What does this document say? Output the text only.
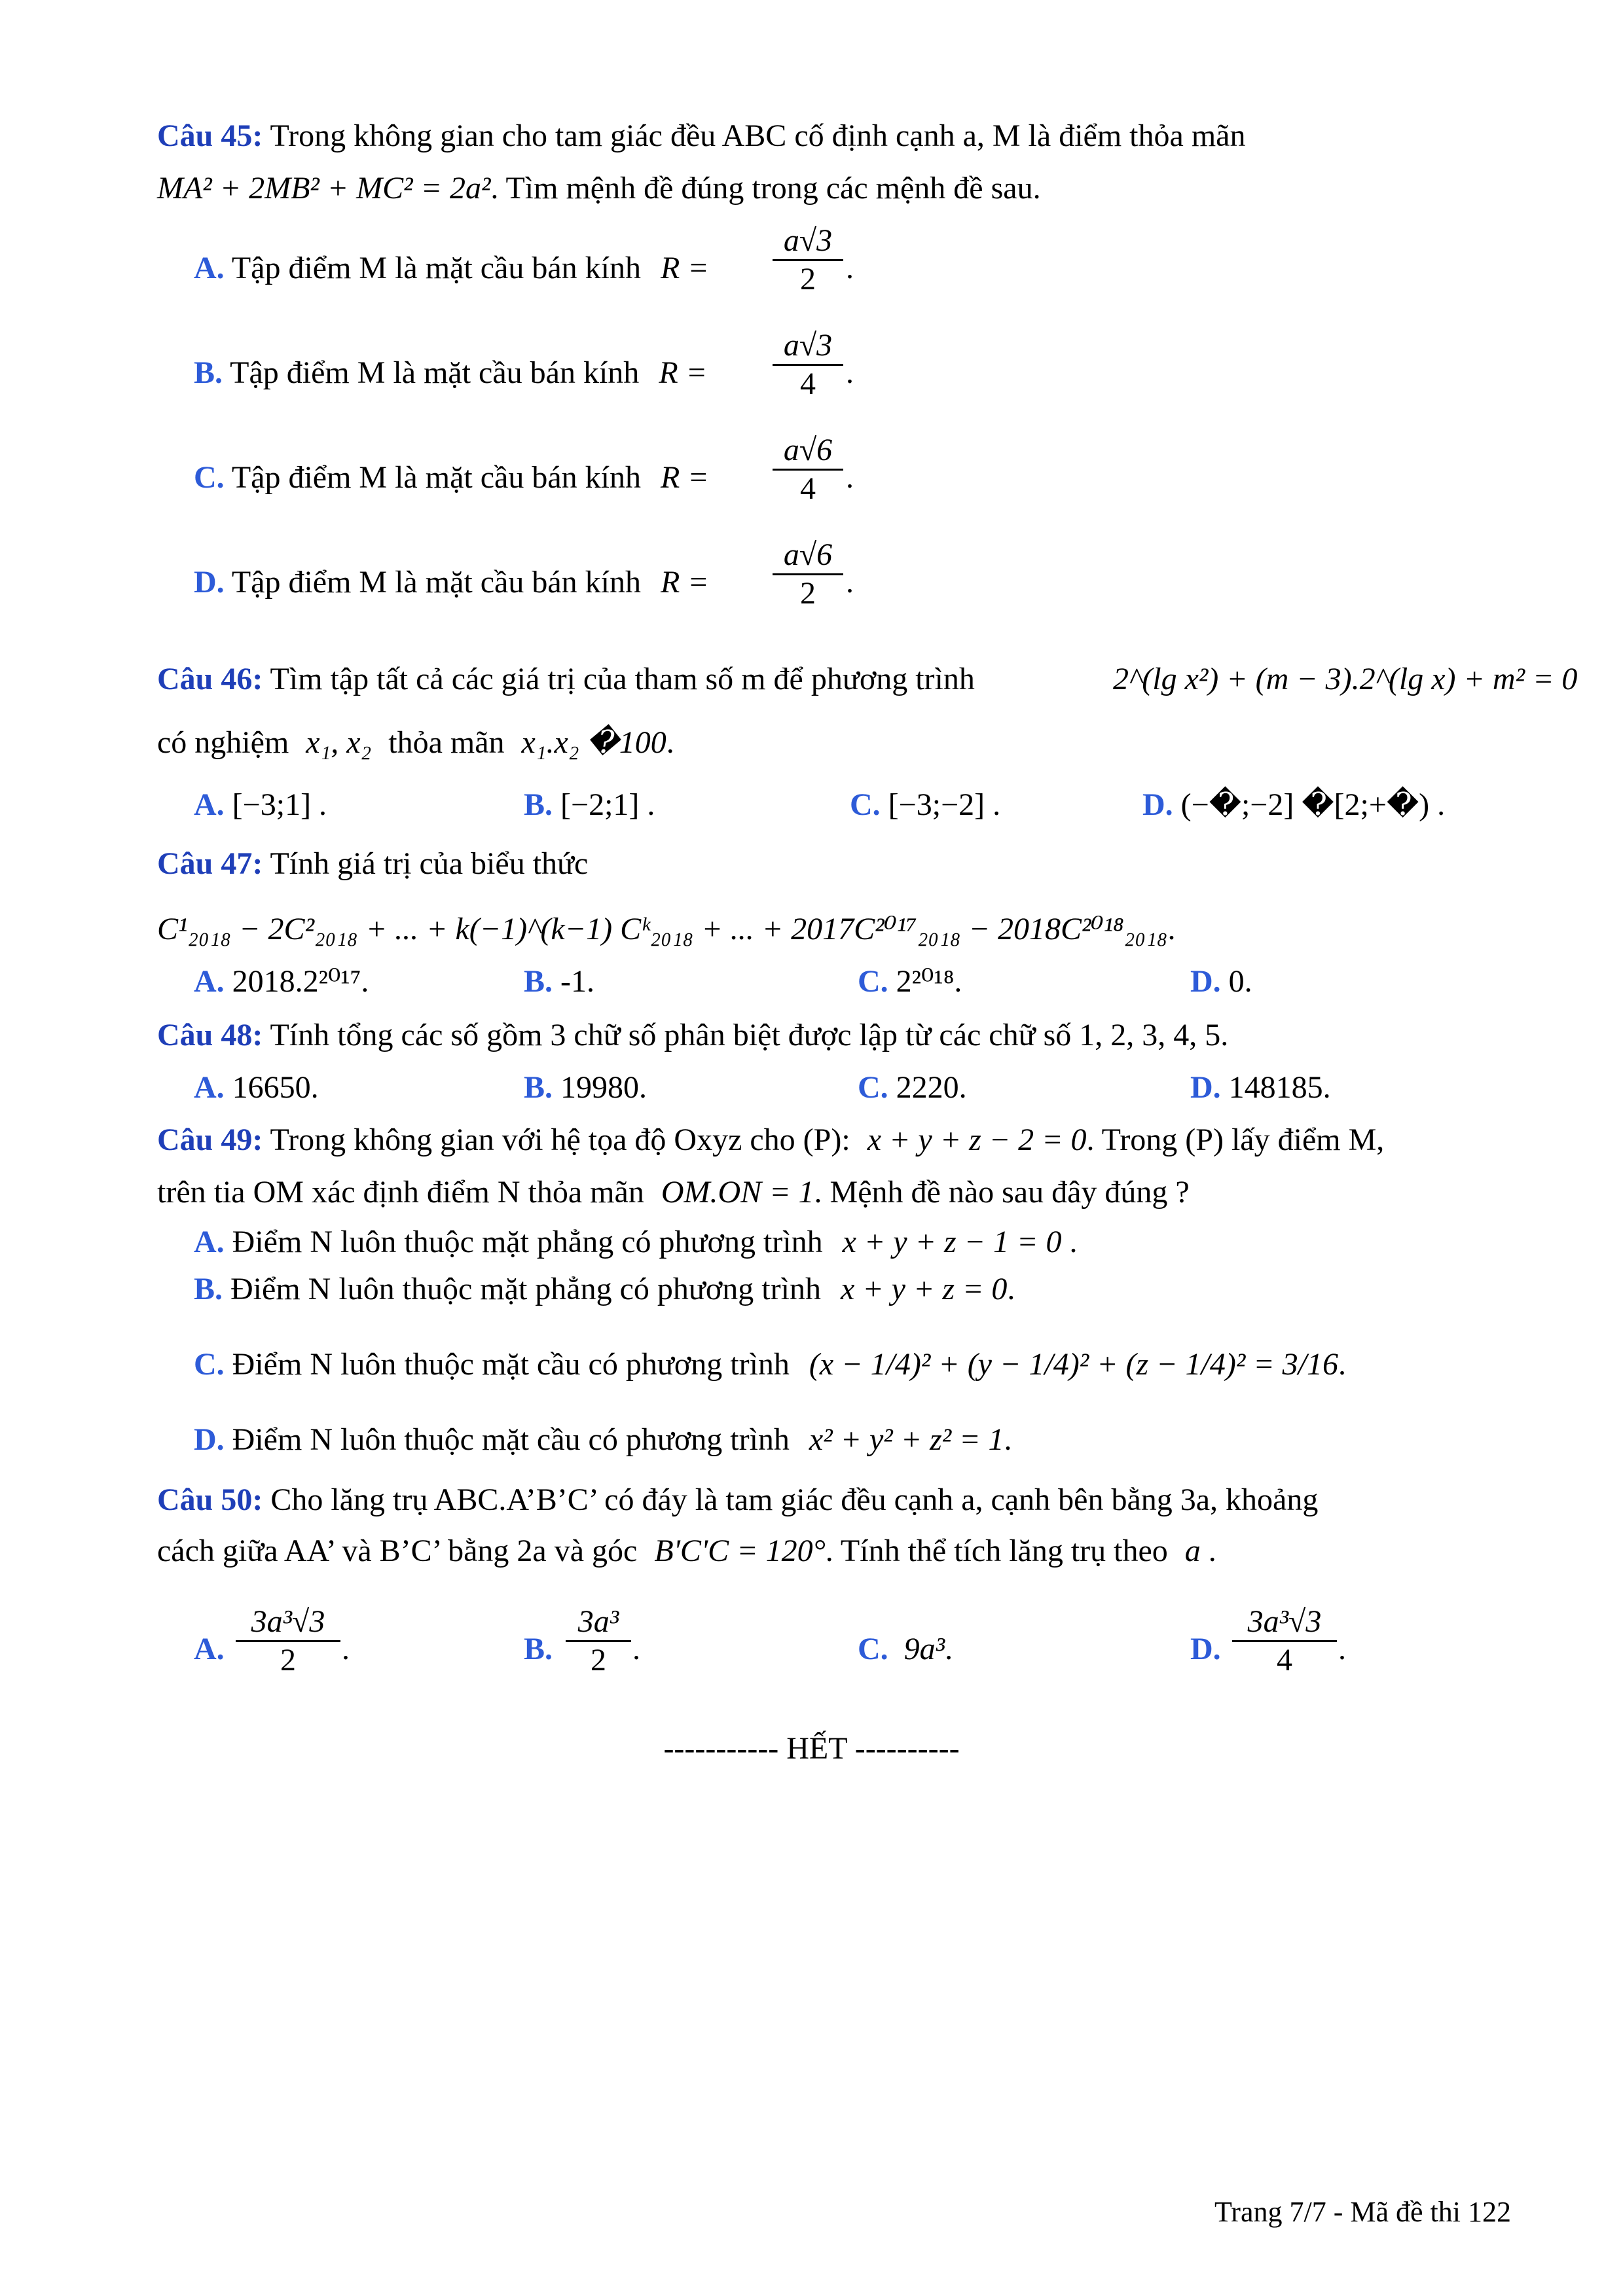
Câu 45: Trong không gian cho tam giác đều ABC cố định cạnh a, M là điểm thỏa mãn
MA² + 2MB² + MC² = 2a². Tìm mệnh đề đúng trong các mệnh đề sau.
A. Tập điểm M là mặt cầu bán kính R =
a√3
2 .
B. Tập điểm M là mặt cầu bán kính R =
a√3
4 .
C. Tập điểm M là mặt cầu bán kính R =
a√6
4 .
D. Tập điểm M là mặt cầu bán kính R =
a√6
2 .
Câu 46: Tìm tập tất cả các giá trị của tham số m để phương trình	2^(lg x²) + (m − 3).2^(lg x) + m² = 0
có nghiệm x₁, x₂ thỏa mãn x₁.x₂ �100.
A. [−3;1] .	B. [−2;1] .	C. [−3;−2] .	D. (−�;−2] �[2;+�) .
Câu 47: Tính giá trị của biểu thức
C¹₂₀₁₈ − 2C²₂₀₁₈ + ... + k(−1)^(k−1) Cᵏ₂₀₁₈ + ... + 2017C²⁰¹⁷₂₀₁₈ − 2018C²⁰¹⁸₂₀₁₈.
A. 2018.2²⁰¹⁷.	B. -1.	C. 2²⁰¹⁸.	D. 0.
Câu 48: Tính tổng các số gồm 3 chữ số phân biệt được lập từ các chữ số 1, 2, 3, 4, 5.
A. 16650.	B. 19980.	C. 2220.	D. 148185.
Câu 49: Trong không gian với hệ tọa độ Oxyz cho (P): x + y + z − 2 = 0. Trong (P) lấy điểm M,
trên tia OM xác định điểm N thỏa mãn OM.ON = 1. Mệnh đề nào sau đây đúng ?
A. Điểm N luôn thuộc mặt phẳng có phương trình x + y + z − 1 = 0 .
B. Điểm N luôn thuộc mặt phẳng có phương trình x + y + z = 0.
C. Điểm N luôn thuộc mặt cầu có phương trình (x − 1/4)² + (y − 1/4)² + (z − 1/4)² = 3/16.
D. Điểm N luôn thuộc mặt cầu có phương trình x² + y² + z² = 1.
Câu 50: Cho lăng trụ ABC.A’B’C’ có đáy là tam giác đều cạnh a, cạnh bên bằng 3a, khoảng
cách giữa AA’ và B’C’ bằng 2a và góc B'C'C = 120°. Tính thể tích lăng trụ theo a .
A.
3a³√3
2	.	B.
3a³
2 .	C. 9a³.	D.
3a³√3
4	.
----------- HẾT ----------
Trang 7/7 - Mã đề thi 122
